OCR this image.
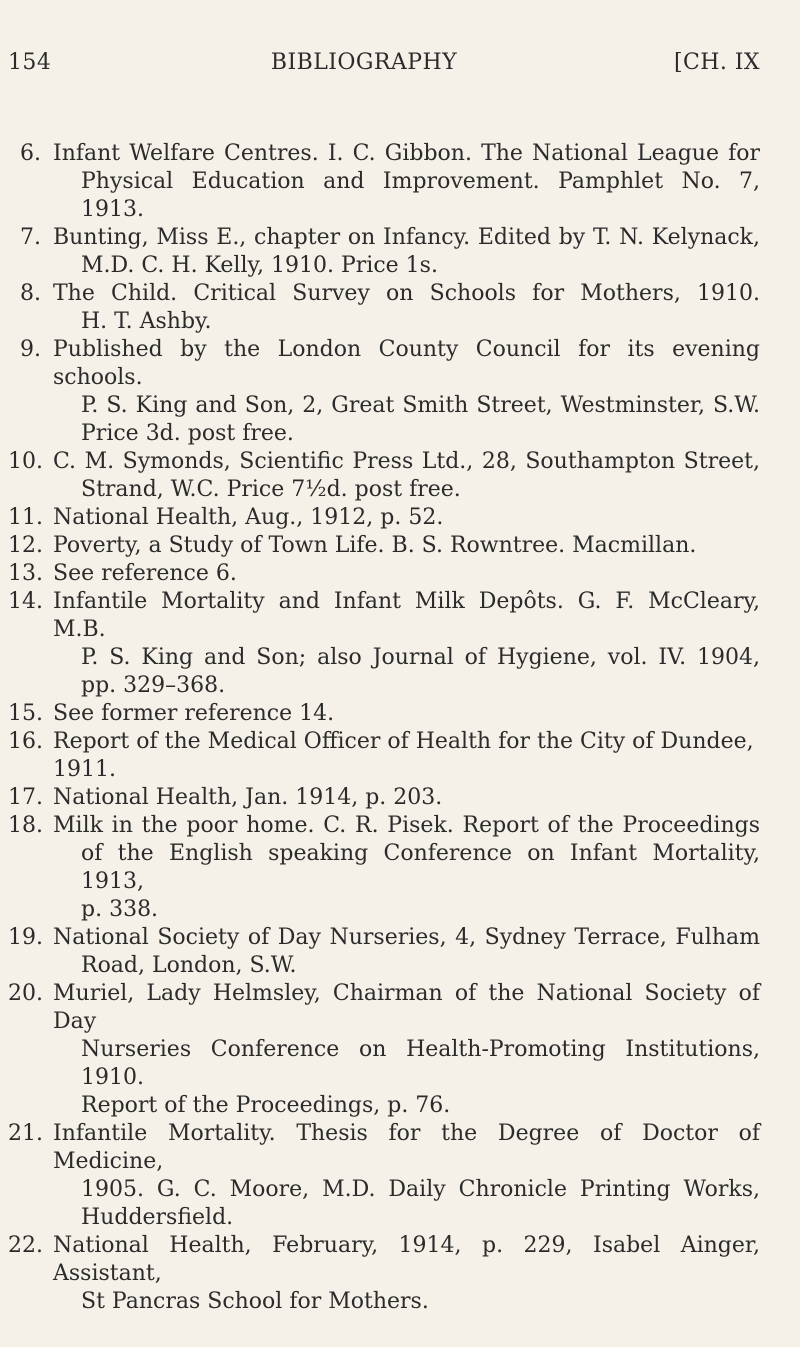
154	BIBLIOGRAPHY	[CH. IX
6. Infant Welfare Centres. I. C. Gibbon. The National League for
Physical Education and Improvement. Pamphlet No. 7,
1913.
7. Bunting, Miss E., chapter on Infancy. Edited by T. N. Kelynack,
M.D. C. H. Kelly, 1910. Price 1s.
8. The Child. Critical Survey on Schools for Mothers, 1910.
H. T. Ashby.
9. Published by the London County Council for its evening schools.
P. S. King and Son, 2, Great Smith Street, Westminster, S.W.
Price 3d. post free.
10. C. M. Symonds, Scientific Press Ltd., 28, Southampton Street,
Strand, W.C. Price 7½d. post free.
11. National Health, Aug., 1912, p. 52.
12. Poverty, a Study of Town Life. B. S. Rowntree. Macmillan.
13. See reference 6.
14. Infantile Mortality and Infant Milk Depôts. G. F. McCleary, M.B.
P. S. King and Son; also Journal of Hygiene, vol. IV. 1904,
pp. 329–368.
15. See former reference 14.
16. Report of the Medical Officer of Health for the City of Dundee, 1911.
17. National Health, Jan. 1914, p. 203.
18. Milk in the poor home. C. R. Pisek. Report of the Proceedings
of the English speaking Conference on Infant Mortality, 1913,
p. 338.
19. National Society of Day Nurseries, 4, Sydney Terrace, Fulham
Road, London, S.W.
20. Muriel, Lady Helmsley, Chairman of the National Society of Day
Nurseries Conference on Health-Promoting Institutions, 1910.
Report of the Proceedings, p. 76.
21. Infantile Mortality. Thesis for the Degree of Doctor of Medicine,
1905. G. C. Moore, M.D. Daily Chronicle Printing Works,
Huddersfield.
22. National Health, February, 1914, p. 229, Isabel Ainger, Assistant,
St Pancras School for Mothers.
